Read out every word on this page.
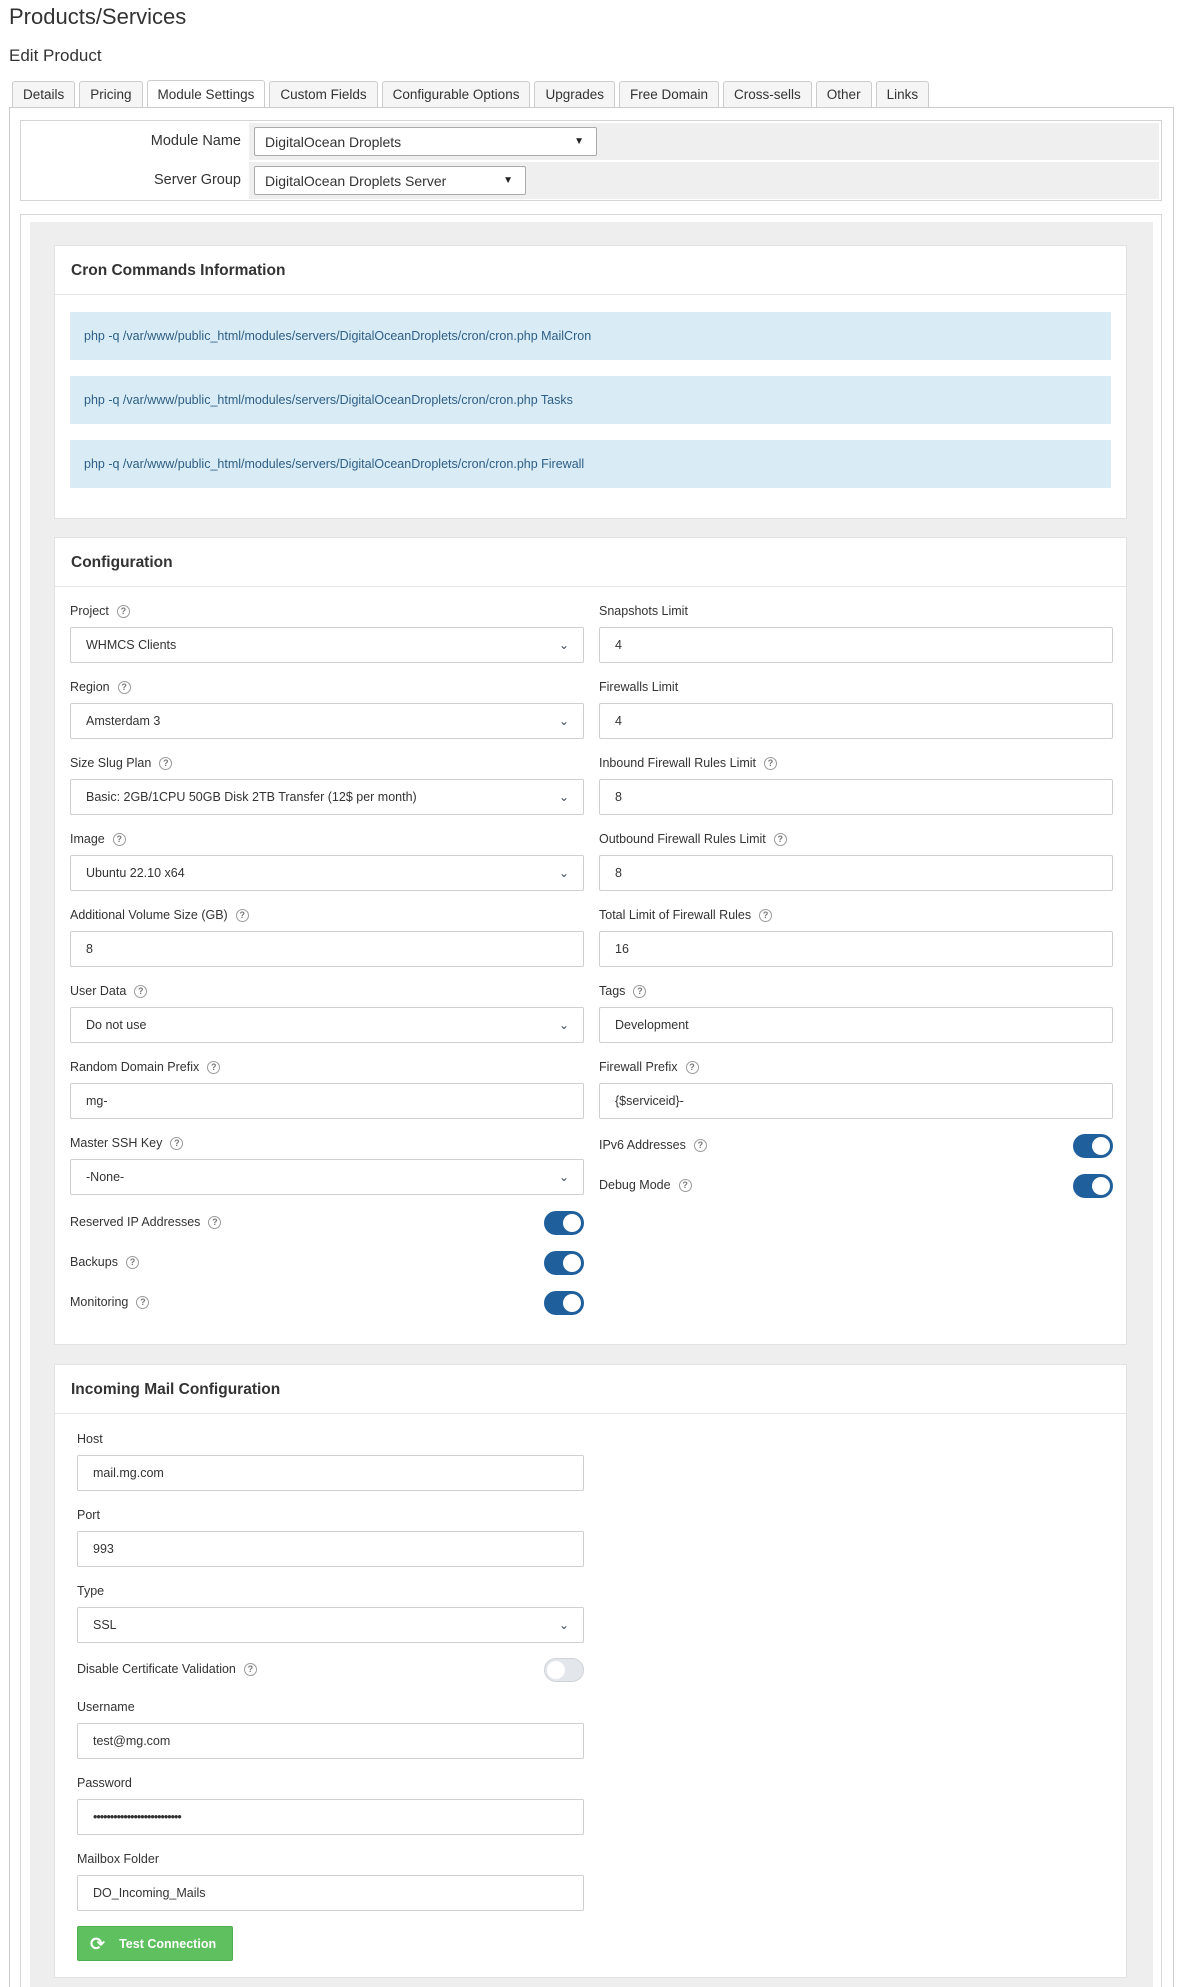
Products/Services
Edit Product
Details	Pricing	Module Settings	Custom Fields	Configurable Options	Upgrades	Free Domain	Cross-sells	Other	Links
Module Name	DigitalOcean Droplets	▼
Server Group	DigitalOcean Droplets Server	▼
Cron Commands Information
php -q /var/www/public_html/modules/servers/DigitalOceanDroplets/cron/cron.php MailCron
php -q /var/www/public_html/modules/servers/DigitalOceanDroplets/cron/cron.php Tasks
php -q /var/www/public_html/modules/servers/DigitalOceanDroplets/cron/cron.php Firewall
Configuration
Project	?
WHMCS Clients	⌄
Region	?
Amsterdam 3	⌄
Size Slug Plan	?
Basic: 2GB/1CPU 50GB Disk 2TB Transfer (12$ per month)	⌄
Image	?
Ubuntu 22.10 x64	⌄
Additional Volume Size (GB)	?
8
User Data	?
Do not use	⌄
Random Domain Prefix	?
mg-
Master SSH Key	?
-None-	⌄
Reserved IP Addresses	?
Backups	?
Monitoring	?
Snapshots Limit
4
Firewalls Limit
4
Inbound Firewall Rules Limit	?
8
Outbound Firewall Rules Limit	?
8
Total Limit of Firewall Rules	?
16
Tags	?
Development
Firewall Prefix	?
{$serviceid}-
IPv6 Addresses	?
Debug Mode	?
Incoming Mail Configuration
Host
mail.mg.com
Port
993
Type
SSL	⌄
Disable Certificate Validation	?
Username
test@mg.com
Password
••••••••••••••••••••••••••
Mailbox Folder
DO_Incoming_Mails
⟳ Test Connection
